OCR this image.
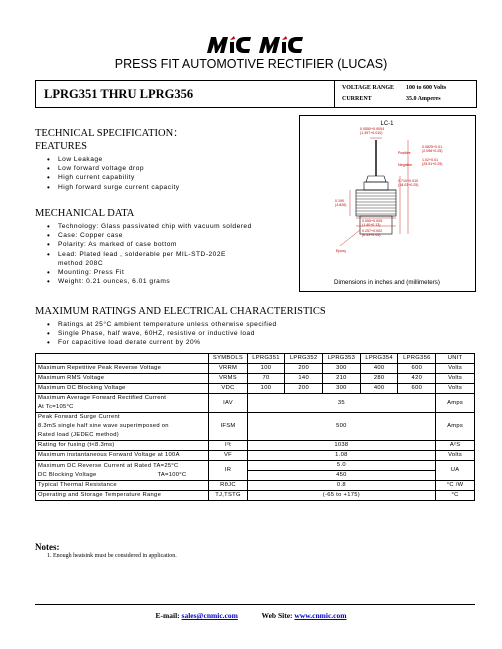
PRESS FIT AUTOMOTIVE RECTIFIER (LUCAS)
LPRG351 THRU LPRG356	VOLTAGE RANGE 100 to 600 Volts
CURRENT	35.0 Amperes
TECHNICAL SPECIFICATION：
FEATURES
• Low Leakage
• Low forward voltage drop
• High current capability
• High forward surge current capacity
MECHANICAL DATA
• Technology: Glass passivated chip with vacuum soldered
• Case: Copper case
• Polarity: As marked of case bottom
• Lead: Plated lead , solderable per MIL-STD-202E
method 208C
• Mounting: Press Fit
• Weight: 0.21 ounces, 6.01 grams
LC-1
0.0550+0.0004
(1.397+0.010)
Positive
Negative
0.0825+0.01
(2.096+0.25)
1.02+0.01
(25.91+0.25)
0.710+0.010
(18.03+0.25)
0.190
(4.826)
0.055+0.005
(1.40+0.13)
0.257+0.002
(6.53+0.05)
Epoxy
Dimensions in inches and (millimeters)
MAXIMUM RATINGS AND ELECTRICAL CHARACTERISTICS
• Ratings at 25°C ambient temperature unless otherwise specified
• Single Phase, half wave, 60HZ, resistive or inductive load
• For capacitive load derate current by 20%
	SYMBOLS	LPRG351	LPRG352	LPRG353	LPRG354	LPRG356	UNIT
Maximum Repetitive Peak Reverse Voltage	VRRM	100	200	300	400	600	Volts
Maximum RMS Voltage	VRMS	70	140	210	280	420	Volts
Maximum DC Blocking Voltage	VDC	100	200	300	400	600	Volts

Maximum Average Forward Rectified Current
At Tc=105°C	IAV	35					Amps

Peak Forward Surge Current
8.3mS single half sine wave superimposed on
Rated load (JEDEC method)	IFSM	500					Amps
Rating for fusing (t<8.3ms)	I²t	1038					A²S
Maximum instantaneous Forward Voltage at 100A	VF	1.08					Volts

Maximum DC Reverse Current at Rated TA=25°C
DC Blocking Voltage TA=100°C	IR	5.0					UA
		450					
Typical Thermal Resistance	RθJC	0.8					°C /W
Operating and Storage Temperature Range	TJ,TSTG	(-65 to +175)					°C
Notes:
1. Enough heatsink must be considered in application.
E-mail: sales@cnmic.com	Web Site: www.cnmic.com
